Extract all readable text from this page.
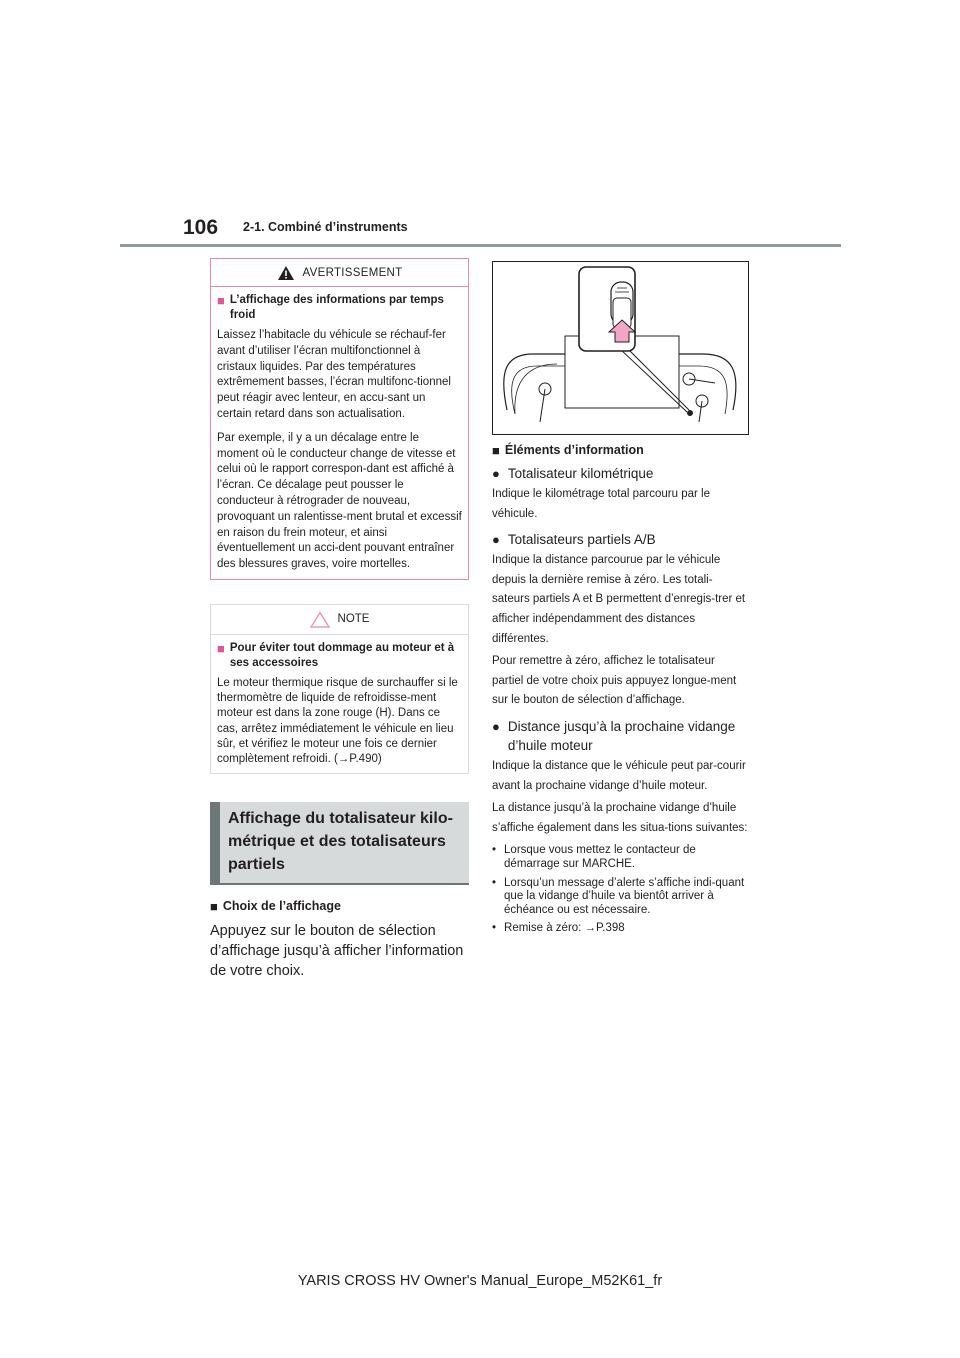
106 2-1. Combiné d’instruments
AVERTISSEMENT
■ L’affichage des informations par temps froid

Laissez l’habitacle du véhicule se réchauf-fer avant d’utiliser l’écran multifonctionnel à cristaux liquides. Par des températures extrêmement basses, l’écran multifonc-tionnel peut réagir avec lenteur, en accu-sant un certain retard dans son actualisation.

Par exemple, il y a un décalage entre le moment où le conducteur change de vitesse et celui où le rapport correspon-dant est affiché à l’écran. Ce décalage peut pousser le conducteur à rétrograder de nouveau, provoquant un ralentisse-ment brutal et excessif en raison du frein moteur, et ainsi éventuellement un acci-dent pouvant entraîner des blessures graves, voire mortelles.

NOTE
■ Pour éviter tout dommage au moteur et à ses accessoires

Le moteur thermique risque de surchauffer si le thermomètre de liquide de refroidisse-ment moteur est dans la zone rouge (H). Dans ce cas, arrêtez immédiatement le véhicule en lieu sûr, et vérifiez le moteur une fois ce dernier complètement refroidi. (→P.490)

Affichage du totalisateur kilo-
métrique et des totalisateurs
partiels
■ Choix de l’affichage

Appuyez sur le bouton de sélection d’affichage jusqu’à afficher l’information de votre choix.

■ Éléments d’information
● Totalisateur kilométrique

Indique le kilométrage total parcouru par le véhicule.

● Totalisateurs partiels A/B

Indique la distance parcourue par le véhicule depuis la dernière remise à zéro. Les totali-sateurs partiels A et B permettent d’enregis-trer et afficher indépendamment des distances différentes.

Pour remettre à zéro, affichez le totalisateur partiel de votre choix puis appuyez longue-ment sur le bouton de sélection d’affichage.

● Distance jusqu’à la prochaine vidange d’huile moteur

Indique la distance que le véhicule peut par-courir avant la prochaine vidange d’huile moteur.

La distance jusqu’à la prochaine vidange d’huile s’affiche également dans les situa-tions suivantes:

• Lorsque vous mettez le contacteur de démarrage sur MARCHE.
• Lorsqu’un message d’alerte s’affiche indi-quant que la vidange d’huile va bientôt arriver à échéance ou est nécessaire.
• Remise à zéro: →P.398
YARIS CROSS HV Owner's Manual_Europe_M52K61_fr
